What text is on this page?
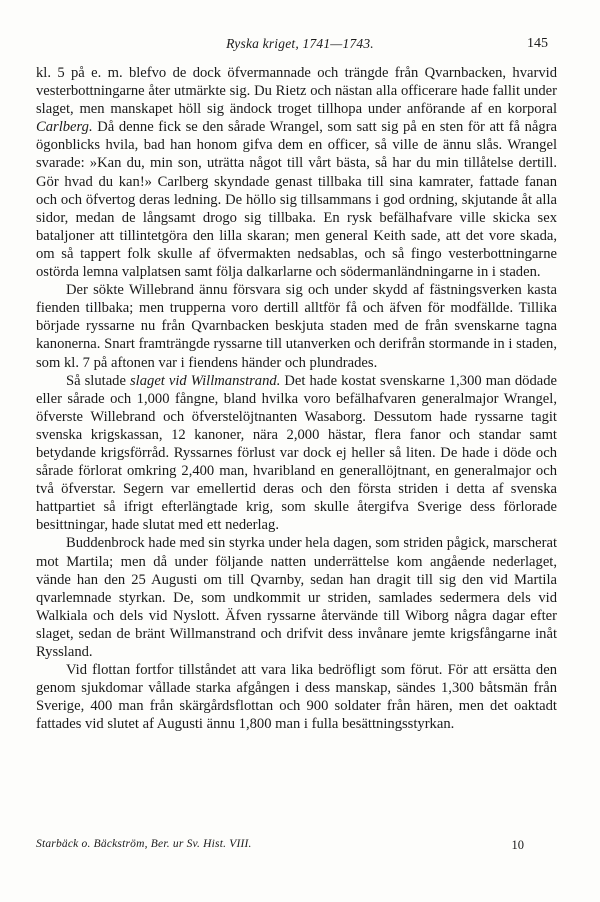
Ryska kriget, 1741—1743.	145

kl. 5 på e. m. blefvo de dock öfvermannade och trängde från Qvarnbacken, hvarvid vesterbottningarne åter utmärkte sig. Du Rietz och nästan alla officerare hade fallit under slaget, men manskapet höll sig ändock troget tillhopa under anförande af en korporal Carlberg. Då denne fick se den sårade Wrangel, som satt sig på en sten för att få några ögonblicks hvila, bad han honom gifva dem en officer, så ville de ännu slås. Wrangel svarade: »Kan du, min son, uträtta något till vårt bästa, så har du min tillåtelse dertill. Gör hvad du kan!» Carlberg skyndade genast tillbaka till sina kamrater, fattade fanan och och öfvertog deras ledning. De höllo sig tillsammans i god ordning, skjutande åt alla sidor, medan de långsamt drogo sig tillbaka. En rysk befälhafvare ville skicka sex bataljoner att tillintetgöra den lilla skaran; men general Keith sade, att det vore skada, om så tappert folk skulle af öfvermakten nedsablas, och så fingo vesterbottningarne ostörda lemna valplatsen samt följa dalkarlarne och södermanländningarne in i staden.

Der sökte Willebrand ännu försvara sig och under skydd af fästningsverken kasta fienden tillbaka; men trupperna voro dertill alltför få och äfven för modfällde. Tillika började ryssarne nu från Qvarnbacken beskjuta staden med de från svenskarne tagna kanonerna. Snart framträngde ryssarne till utanverken och derifrån stormande in i staden, som kl. 7 på aftonen var i fiendens händer och plundrades.

Så slutade slaget vid Willmanstrand. Det hade kostat svenskarne 1,300 man dödade eller sårade och 1,000 fångne, bland hvilka voro befälhafvaren generalmajor Wrangel, öfverste Willebrand och öfverstelöjtnanten Wasaborg. Dessutom hade ryssarne tagit svenska krigskassan, 12 kanoner, nära 2,000 hästar, flera fanor och standar samt betydande krigsförråd. Ryssarnes förlust var dock ej heller så liten. De hade i döde och sårade förlorat omkring 2,400 man, hvaribland en generallöjtnant, en generalmajor och två öfverstar. Segern var emellertid deras och den första striden i detta af svenska hattpartiet så ifrigt efterlängtade krig, som skulle återgifva Sverige dess förlorade besittningar, hade slutat med ett nederlag.

Buddenbrock hade med sin styrka under hela dagen, som striden pågick, marscherat mot Martila; men då under följande natten underrättelse kom angående nederlaget, vände han den 25 Augusti om till Qvarnby, sedan han dragit till sig den vid Martila qvarlemnade styrkan. De, som undkommit ur striden, samlades sedermera dels vid Walkiala och dels vid Nyslott. Äfven ryssarne återvände till Wiborg några dagar efter slaget, sedan de bränt Willmanstrand och drifvit dess invånare jemte krigsfångarne inåt Ryssland.

Vid flottan fortfor tillståndet att vara lika bedröfligt som förut. För att ersätta den genom sjukdomar vållade starka afgången i dess manskap, sändes 1,300 båtsmän från Sverige, 400 man från skärgårdsflottan och 900 soldater från hären, men det oaktadt fattades vid slutet af Augusti ännu 1,800 man i fulla besättningsstyrkan.

Starbäck o. Bäckström, Ber. ur Sv. Hist. VIII.	10
